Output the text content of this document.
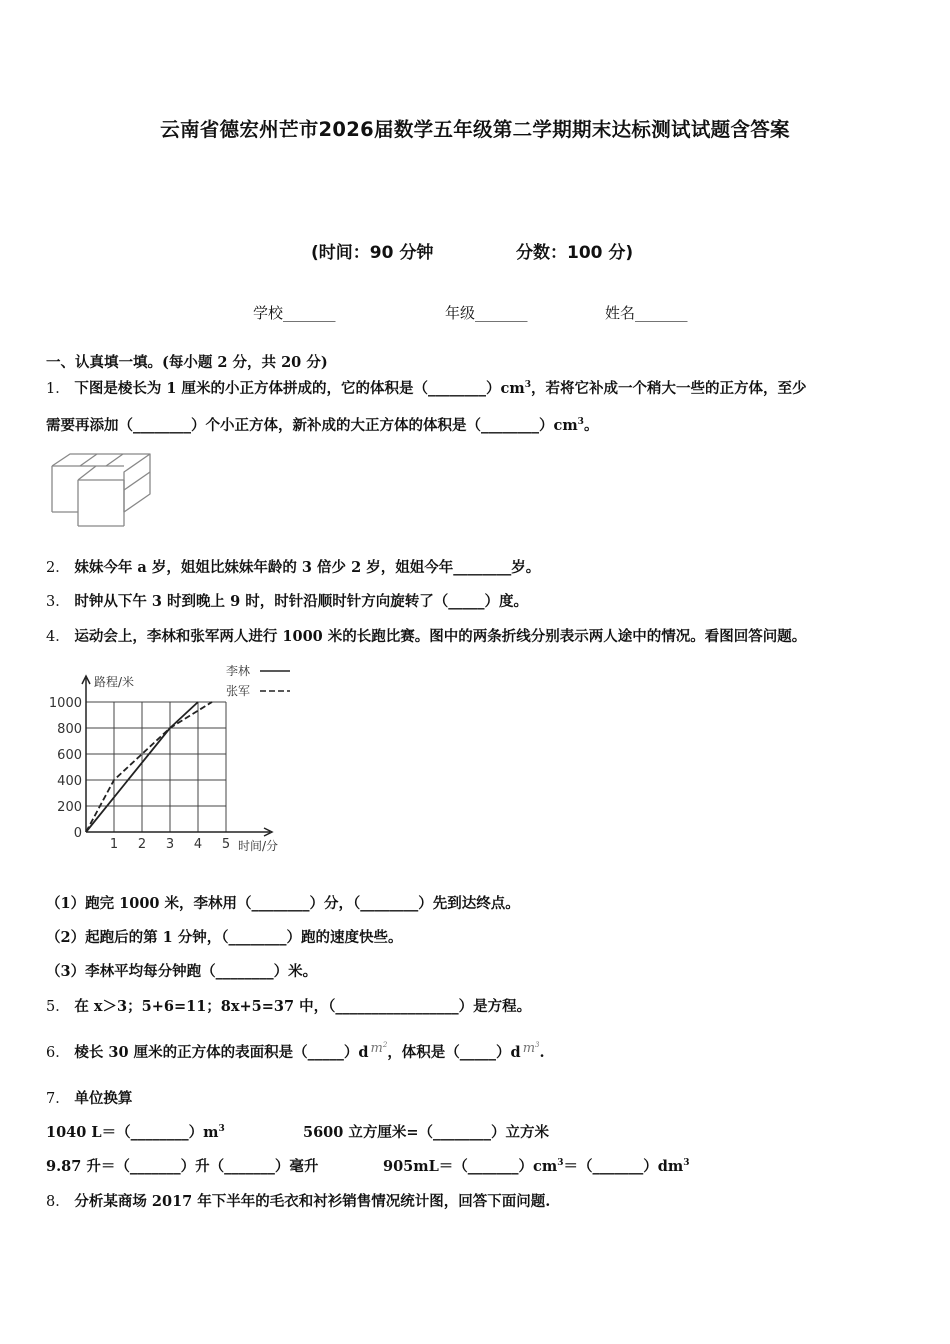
云南省德宏州芒市2026届数学五年级第二学期期末达标测试试题含答案
(时间：90 分钟	分数：100 分)
学校_______	年级_______	姓名_______
一、认真填一填。(每小题 2 分，共 20 分)
1． 下图是棱长为 1 厘米的小正方体拼成的，它的体积是$(\_\_\_\_\_\_\_\_)cm^3$，若将它补成一个稍大一些的正方体，至少
需要再添加（________）个小正方体，新补成的大正方体的体积是$(\_\_\_\_\_\_\_\_)cm^3$。
2． 妹妹今年 a 岁，姐姐比妹妹年龄的 3 倍少 2 岁，姐姐今年________岁。
3． 时钟从下午 3 时到晚上 9 时，时针沿顺时针方向旋转了（_____）度。
4． 运动会上，李林和张军两人进行 1000 米的长跑比赛。图中的两条折线分别表示两人途中的情况。看图回答问题。
0
200
400
600
800
1000
1 2 3 4 5
路程/米
时间/分
李林
张军
（1）跑完 1000 米，李林用（________）分，（________）先到达终点。
（2）起跑后的第 1 分钟，（________）跑的速度快些。
（3）李林平均每分钟跑（________）米。
5． 在 x＞3；5+6=11；8x+5=37 中，（_________________）是方程。
6． 棱长 30 厘米的正方体的表面积是（_____）d $m^2$，体积是（_____）d $m^3$.
7． 单位换算
1040 $L=(\_\_\_\_\_\_\_\_)m^3$	5600 立方厘米=（________）立方米
9.87 升＝（_______）升（_______）毫升	$905mL=(\_\_\_\_\_\_\_)cm^3=(\_\_\_\_\_\_\_)dm^3$
8． 分析某商场 2017 年下半年的毛衣和衬衫销售情况统计图，回答下面问题.
